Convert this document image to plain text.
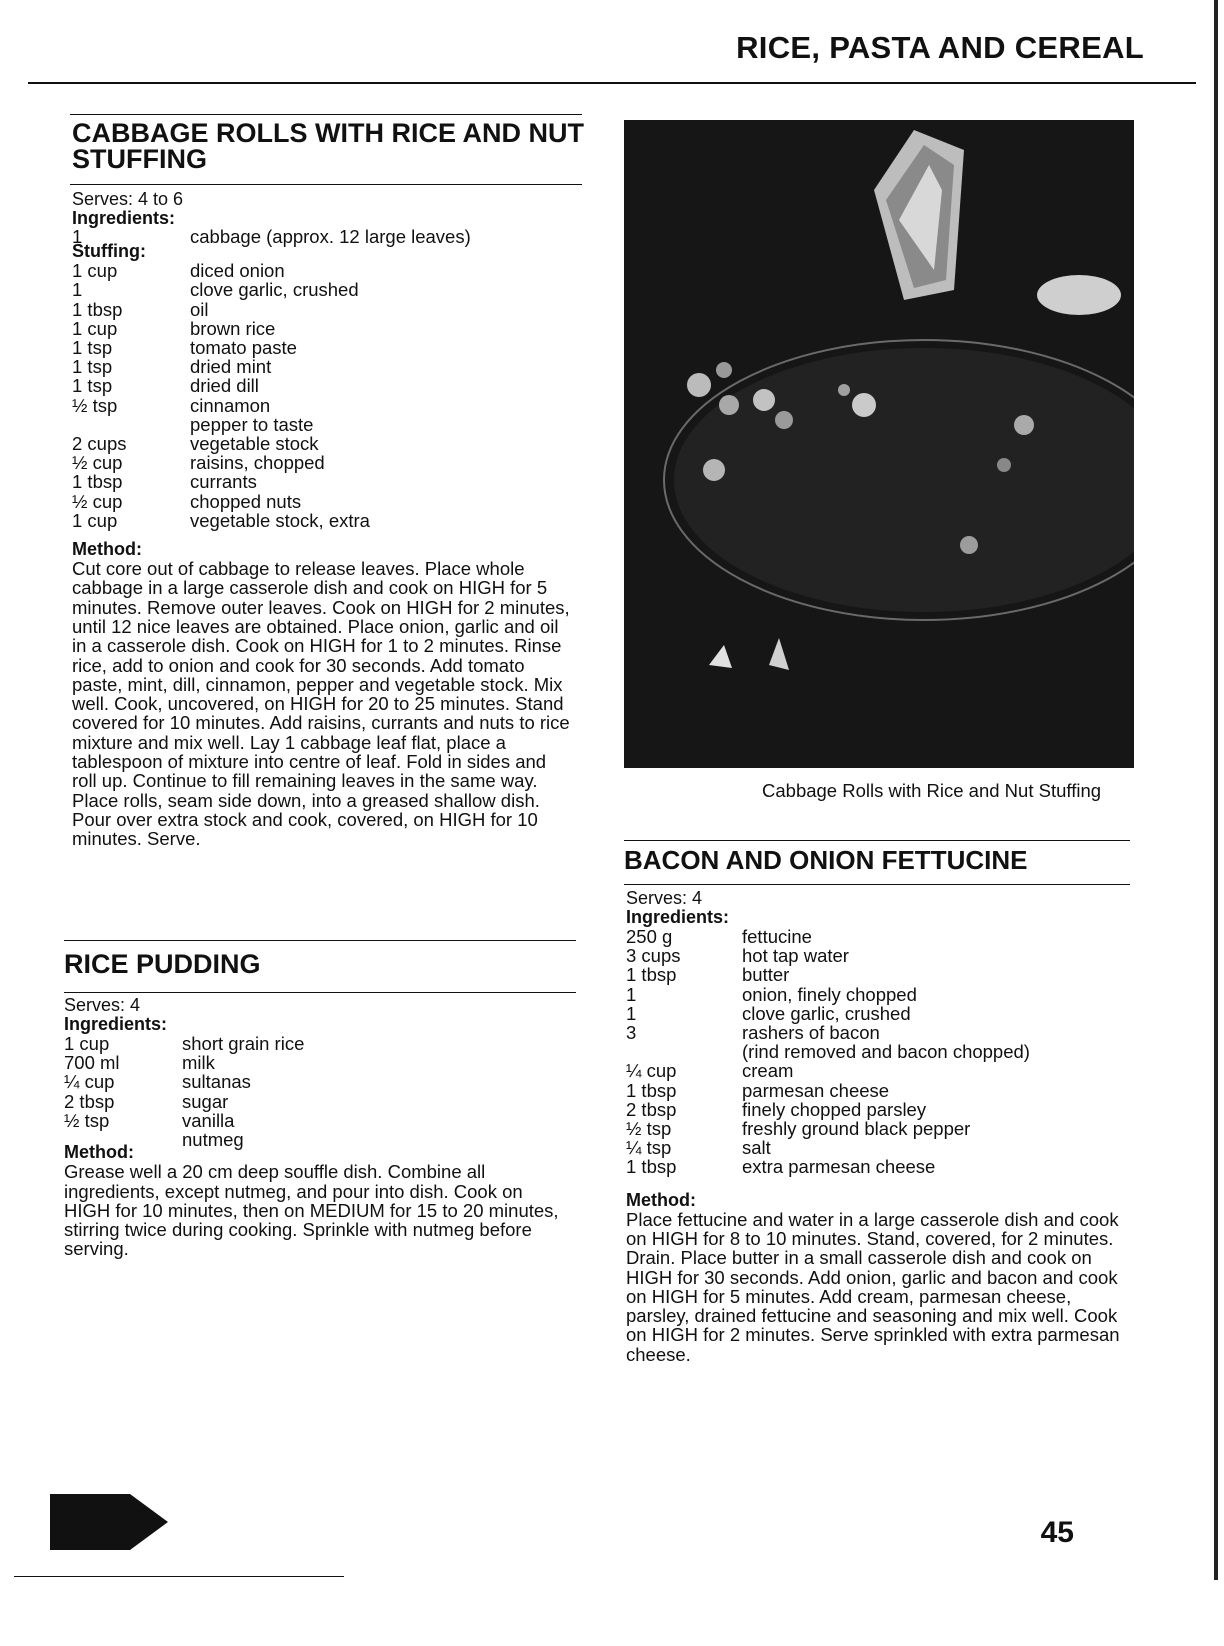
RICE, PASTA AND CEREAL
CABBAGE ROLLS WITH RICE AND NUT STUFFING
Serves: 4 to 6
Ingredients:
1	cabbage (approx. 12 large leaves)
Stuffing:
1 cup	diced onion
1	clove garlic, crushed
1 tbsp	oil
1 cup	brown rice
1 tsp	tomato paste
1 tsp	dried mint
1 tsp	dried dill
½ tsp	cinnamon
	pepper to taste
2 cups	vegetable stock
½ cup	raisins, chopped
1 tbsp	currants
½ cup	chopped nuts
1 cup	vegetable stock, extra
Method:

Cut core out of cabbage to release leaves. Place whole cabbage in a large casserole dish and cook on HIGH for 5 minutes. Remove outer leaves. Cook on HIGH for 2 minutes, until 12 nice leaves are obtained. Place onion, garlic and oil in a casserole dish. Cook on HIGH for 1 to 2 minutes. Rinse rice, add to onion and cook for 30 seconds. Add tomato paste, mint, dill, cinnamon, pepper and vegetable stock. Mix well. Cook, uncovered, on HIGH for 20 to 25 minutes. Stand covered for 10 minutes. Add raisins, currants and nuts to rice mixture and mix well. Lay 1 cabbage leaf flat, place a tablespoon of mixture into centre of leaf. Fold in sides and roll up. Continue to fill remaining leaves in the same way. Place rolls, seam side down, into a greased shallow dish. Pour over extra stock and cook, covered, on HIGH for 10 minutes. Serve.

RICE PUDDING
Serves: 4
Ingredients:
1 cup	short grain rice
700 ml	milk
¼ cup	sultanas
2 tbsp	sugar
½ tsp	vanilla
	nutmeg
Method:

Grease well a 20 cm deep souffle dish. Combine all ingredients, except nutmeg, and pour into dish. Cook on HIGH for 10 minutes, then on MEDIUM for 15 to 20 minutes, stirring twice during cooking. Sprinkle with nutmeg before serving.

Cabbage Rolls with Rice and Nut Stuffing
BACON AND ONION FETTUCINE
Serves: 4
Ingredients:
250 g	fettucine
3 cups	hot tap water
1 tbsp	butter
1	onion, finely chopped
1	clove garlic, crushed
3	rashers of bacon
	(rind removed and bacon chopped)
¼ cup	cream
1 tbsp	parmesan cheese
2 tbsp	finely chopped parsley
½ tsp	freshly ground black pepper
¼ tsp	salt
1 tbsp	extra parmesan cheese
Method:

Place fettucine and water in a large casserole dish and cook on HIGH for 8 to 10 minutes. Stand, covered, for 2 minutes. Drain. Place butter in a small casserole dish and cook on HIGH for 30 seconds. Add onion, garlic and bacon and cook on HIGH for 5 minutes. Add cream, parmesan cheese, parsley, drained fettucine and seasoning and mix well. Cook on HIGH for 2 minutes. Serve sprinkled with extra parmesan cheese.

45
